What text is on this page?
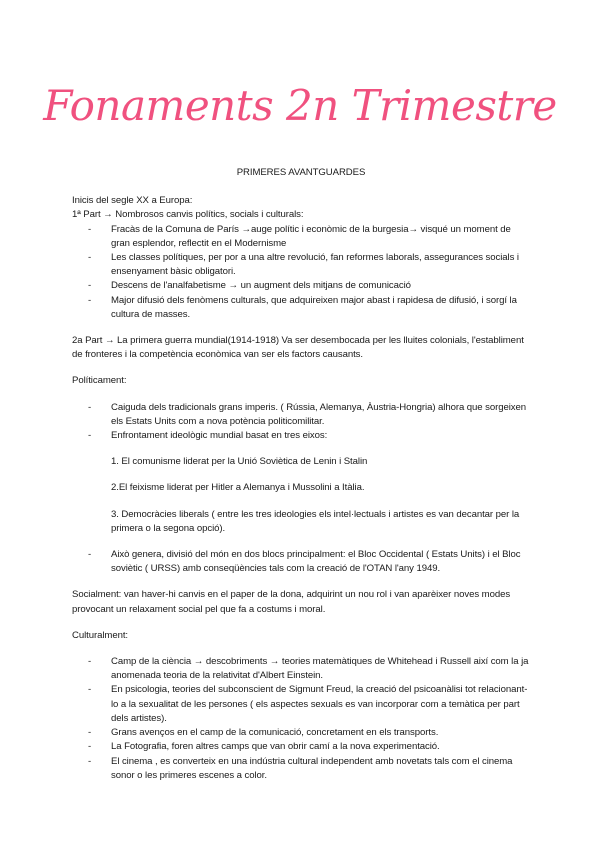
Fonaments 2n Trimestre

PRIMERES AVANTGUARDES

Inicis del segle XX a Europa:

1ª Part → Nombrosos canvis polítics, socials i culturals:

- Fracàs de la Comuna de París →auge polític i econòmic de la burgesia→ visqué un moment de gran esplendor, reflectit en el Modernisme
- Les classes polítiques, per por a una altre revolució, fan reformes laborals, assegurances socials i ensenyament bàsic obligatori.
- Descens de l'analfabetisme → un augment dels mitjans de comunicació
- Major difusió dels fenòmens culturals, que adquireixen major abast i rapidesa de difusió, i sorgí la cultura de masses.

2a Part → La primera guerra mundial(1914-1918) Va ser desembocada per les lluites colonials, l'establiment de fronteres i la competència econòmica van ser els factors causants.

Políticament:

- Caiguda dels tradicionals grans imperis. ( Rússia, Alemanya, Àustria-Hongria) alhora que sorgeixen els Estats Units com a nova potència politicomilitar.
- Enfrontament ideològic mundial basat en tres eixos:

1. El comunisme liderat per la Unió Soviètica de Lenin i Stalin

2.El feixisme liderat per Hitler a Alemanya i Mussolini a Itàlia.

3. Democràcies liberals ( entre les tres ideologies els intel·lectuals i artistes es van decantar per la primera o la segona opció).

- Això genera, divisió del món en dos blocs principalment: el Bloc Occidental ( Estats Units) i el Bloc soviètic ( URSS) amb conseqüències tals com la creació de l'OTAN l'any 1949.

Socialment: van haver-hi canvis en el paper de la dona, adquirint un nou rol i van aparèixer noves modes provocant un relaxament social pel que fa a costums i moral.

Culturalment:

- Camp de la ciència → descobriments → teories matemàtiques de Whitehead i Russell així com la ja anomenada teoria de la relativitat d'Albert Einstein.
- En psicologia, teories del subconscient de Sigmunt Freud, la creació del psicoanàlisi tot relacionant-lo a la sexualitat de les persones ( els aspectes sexuals es van incorporar com a temàtica per part dels artistes).
- Grans avenços en el camp de la comunicació, concretament en els transports.
- La Fotografia, foren altres camps que van obrir camí a la nova experimentació.
- El cinema , es converteix en una indústria cultural independent amb novetats tals com el cinema sonor o les primeres escenes a color.
